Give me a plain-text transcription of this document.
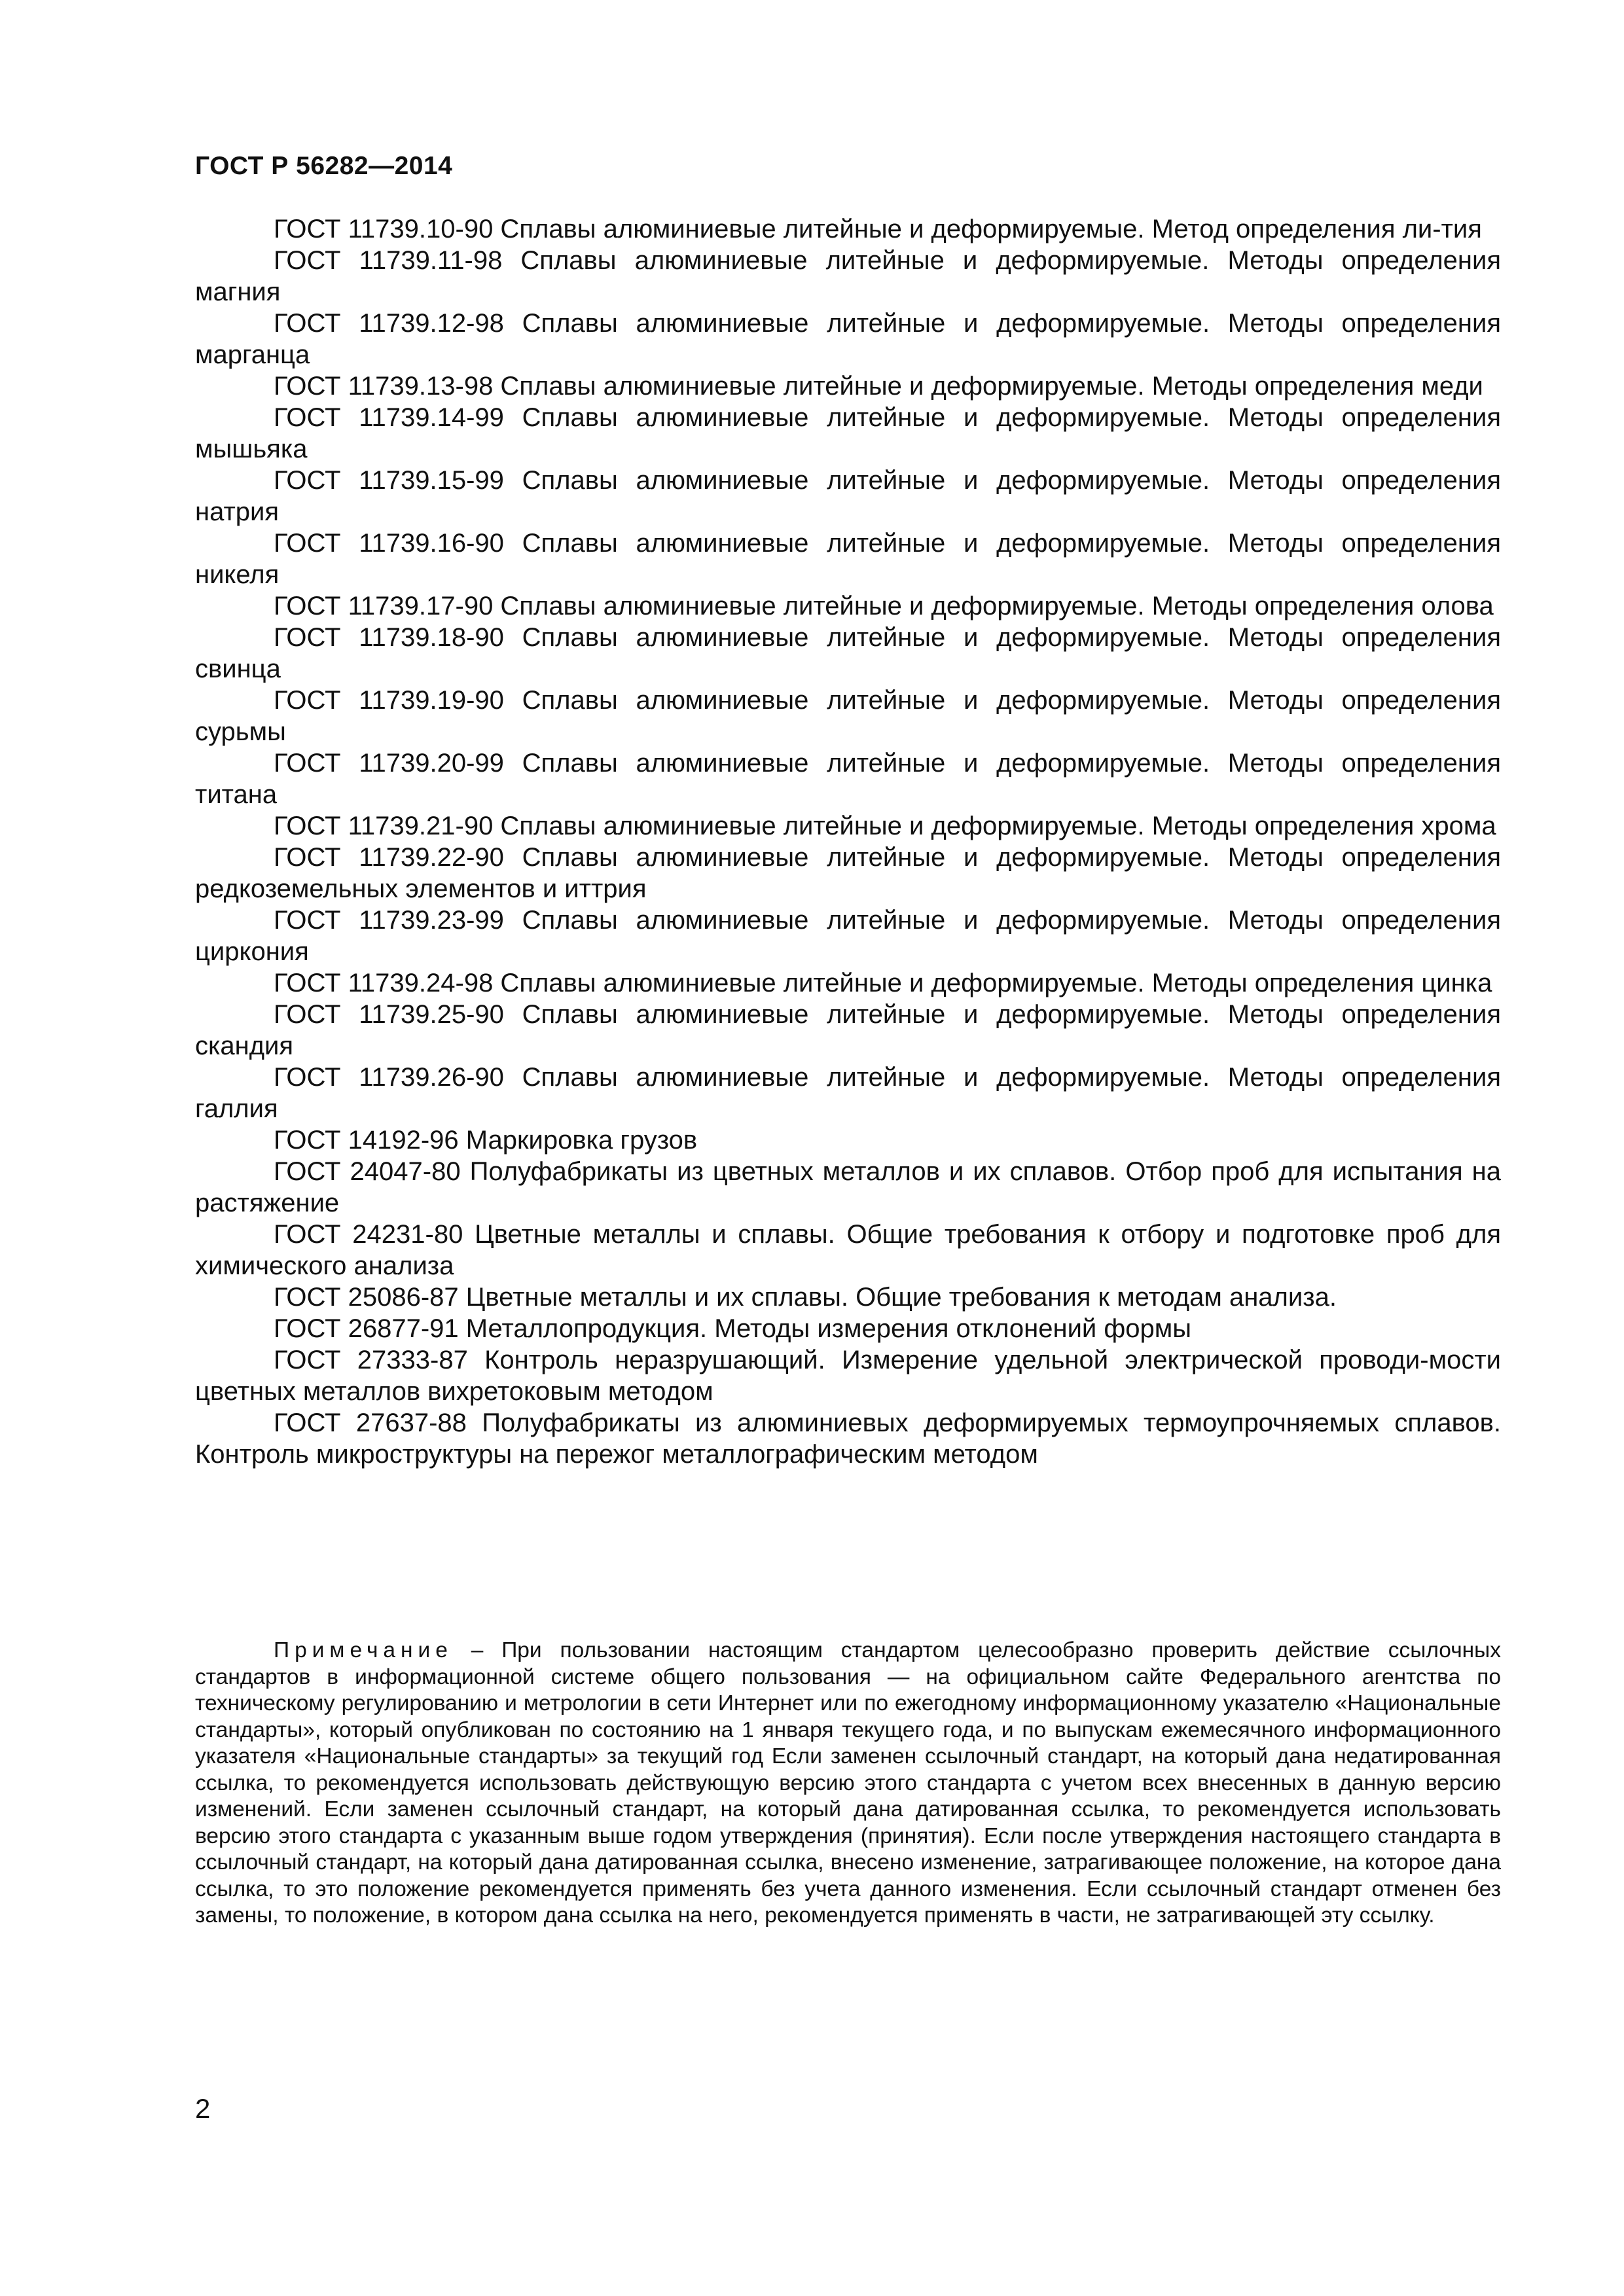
ГОСТ Р 56282—2014

ГОСТ 11739.10-90 Сплавы алюминиевые литейные и деформируемые. Метод определения ли-тия

ГОСТ 11739.11-98 Сплавы алюминиевые литейные и деформируемые. Методы определения магния

ГОСТ 11739.12-98 Сплавы алюминиевые литейные и деформируемые. Методы определения марганца

ГОСТ 11739.13-98 Сплавы алюминиевые литейные и деформируемые. Методы определения меди

ГОСТ 11739.14-99 Сплавы алюминиевые литейные и деформируемые. Методы определения мышьяка

ГОСТ 11739.15-99 Сплавы алюминиевые литейные и деформируемые. Методы определения натрия

ГОСТ 11739.16-90 Сплавы алюминиевые литейные и деформируемые. Методы определения никеля

ГОСТ 11739.17-90 Сплавы алюминиевые литейные и деформируемые. Методы определения олова

ГОСТ 11739.18-90 Сплавы алюминиевые литейные и деформируемые. Методы определения свинца

ГОСТ 11739.19-90 Сплавы алюминиевые литейные и деформируемые. Методы определения сурьмы

ГОСТ 11739.20-99 Сплавы алюминиевые литейные и деформируемые. Методы определения титана

ГОСТ 11739.21-90 Сплавы алюминиевые литейные и деформируемые. Методы определения хрома

ГОСТ 11739.22-90 Сплавы алюминиевые литейные и деформируемые. Методы определения редкоземельных элементов и иттрия

ГОСТ 11739.23-99 Сплавы алюминиевые литейные и деформируемые. Методы определения циркония

ГОСТ 11739.24-98 Сплавы алюминиевые литейные и деформируемые. Методы определения цинка

ГОСТ 11739.25-90 Сплавы алюминиевые литейные и деформируемые. Методы определения скандия

ГОСТ 11739.26-90 Сплавы алюминиевые литейные и деформируемые. Методы определения галлия

ГОСТ 14192-96 Маркировка грузов

ГОСТ 24047-80 Полуфабрикаты из цветных металлов и их сплавов. Отбор проб для испытания на растяжение

ГОСТ 24231-80 Цветные металлы и сплавы. Общие требования к отбору и подготовке проб для химического анализа

ГОСТ 25086-87 Цветные металлы и их сплавы. Общие требования к методам анализа.

ГОСТ 26877-91 Металлопродукция. Методы измерения отклонений формы

ГОСТ 27333-87 Контроль неразрушающий. Измерение удельной электрической проводи-мости цветных металлов вихретоковым методом

ГОСТ 27637-88 Полуфабрикаты из алюминиевых деформируемых термоупрочняемых сплавов. Контроль микроструктуры на пережог металлографическим методом

Примечание – При пользовании настоящим стандартом целесообразно проверить действие ссылочных стандартов в информационной системе общего пользования — на официальном сайте Федерального агентства по техническому регулированию и метрологии в сети Интернет или по ежегодному информационному указателю «Национальные стандарты», который опубликован по состоянию на 1 января текущего года, и по выпускам ежемесячного информационного указателя «Национальные стандарты» за текущий год Если заменен ссылочный стандарт, на который дана недатированная ссылка, то рекомендуется использовать действующую версию этого стандарта с учетом всех внесенных в данную версию изменений. Если заменен ссылочный стандарт, на который дана датированная ссылка, то рекомендуется использовать версию этого стандарта с указанным выше годом утверждения (принятия). Если после утверждения настоящего стандарта в ссылочный стандарт, на который дана датированная ссылка, внесено изменение, затрагивающее положение, на которое дана ссылка, то это положение рекомендуется применять без учета данного изменения. Если ссылочный стандарт отменен без замены, то положение, в котором дана ссылка на него, рекомендуется применять в части, не затрагивающей эту ссылку.
2
